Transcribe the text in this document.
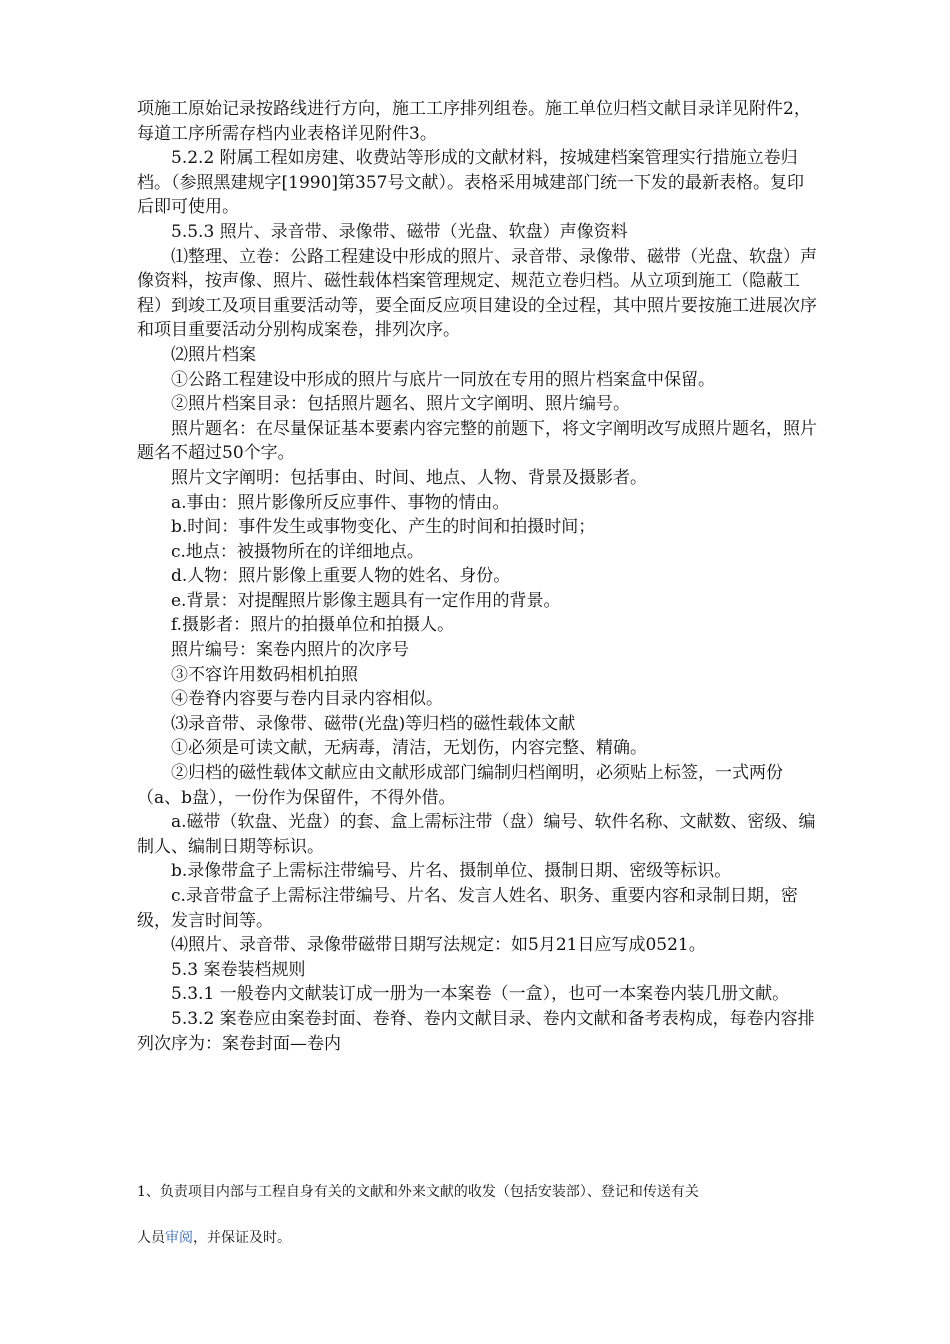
项施工原始记录按路线进行方向，施工工序排列组卷。施工单位归档文献目录详见附件2，每道工序所需存档内业表格详见附件3。

5.2.2 附属工程如房建、收费站等形成的文献材料，按城建档案管理实行措施立卷归档。（参照黑建规字[1990]第357号文献）。表格采用城建部门统一下发的最新表格。复印后即可使用。

5.5.3 照片、录音带、录像带、磁带（光盘、软盘）声像资料

⑴整理、立卷：公路工程建设中形成的照片、录音带、录像带、磁带（光盘、软盘）声像资料，按声像、照片、磁性载体档案管理规定、规范立卷归档。从立项到施工（隐蔽工程）到竣工及项目重要活动等，要全面反应项目建设的全过程，其中照片要按施工进展次序和项目重要活动分别构成案卷，排列次序。

⑵照片档案

①公路工程建设中形成的照片与底片一同放在专用的照片档案盒中保留。

②照片档案目录：包括照片题名、照片文字阐明、照片编号。

照片题名：在尽量保证基本要素内容完整的前题下，将文字阐明改写成照片题名，照片题名不超过50个字。

照片文字阐明：包括事由、时间、地点、人物、背景及摄影者。

a.事由：照片影像所反应事件、事物的情由。

b.时间：事件发生或事物变化、产生的时间和拍摄时间；

c.地点：被摄物所在的详细地点。

d.人物：照片影像上重要人物的姓名、身份。

e.背景：对提醒照片影像主题具有一定作用的背景。

f.摄影者：照片的拍摄单位和拍摄人。

照片编号：案卷内照片的次序号

③不容许用数码相机拍照

④卷脊内容要与卷内目录内容相似。

⑶录音带、录像带、磁带(光盘)等归档的磁性载体文献

①必须是可读文献，无病毒，清洁，无划伤，内容完整、精确。

②归档的磁性载体文献应由文献形成部门编制归档阐明，必须贴上标签，一式两份（a、b盘），一份作为保留件，不得外借。

a.磁带（软盘、光盘）的套、盒上需标注带（盘）编号、软件名称、文献数、密级、编制人、编制日期等标识。

b.录像带盒子上需标注带编号、片名、摄制单位、摄制日期、密级等标识。

c.录音带盒子上需标注带编号、片名、发言人姓名、职务、重要内容和录制日期，密级，发言时间等。

⑷照片、录音带、录像带磁带日期写法规定：如5月21日应写成0521。

5.3 案卷装档规则

5.3.1 一般卷内文献装订成一册为一本案卷（一盒），也可一本案卷内装几册文献。

5.3.2 案卷应由案卷封面、卷脊、卷内文献目录、卷内文献和备考表构成，每卷内容排列次序为：案卷封面—卷内

1、负责项目内部与工程自身有关的文献和外来文献的收发（包括安装部）、登记和传送有关

人员审阅，并保证及时。
